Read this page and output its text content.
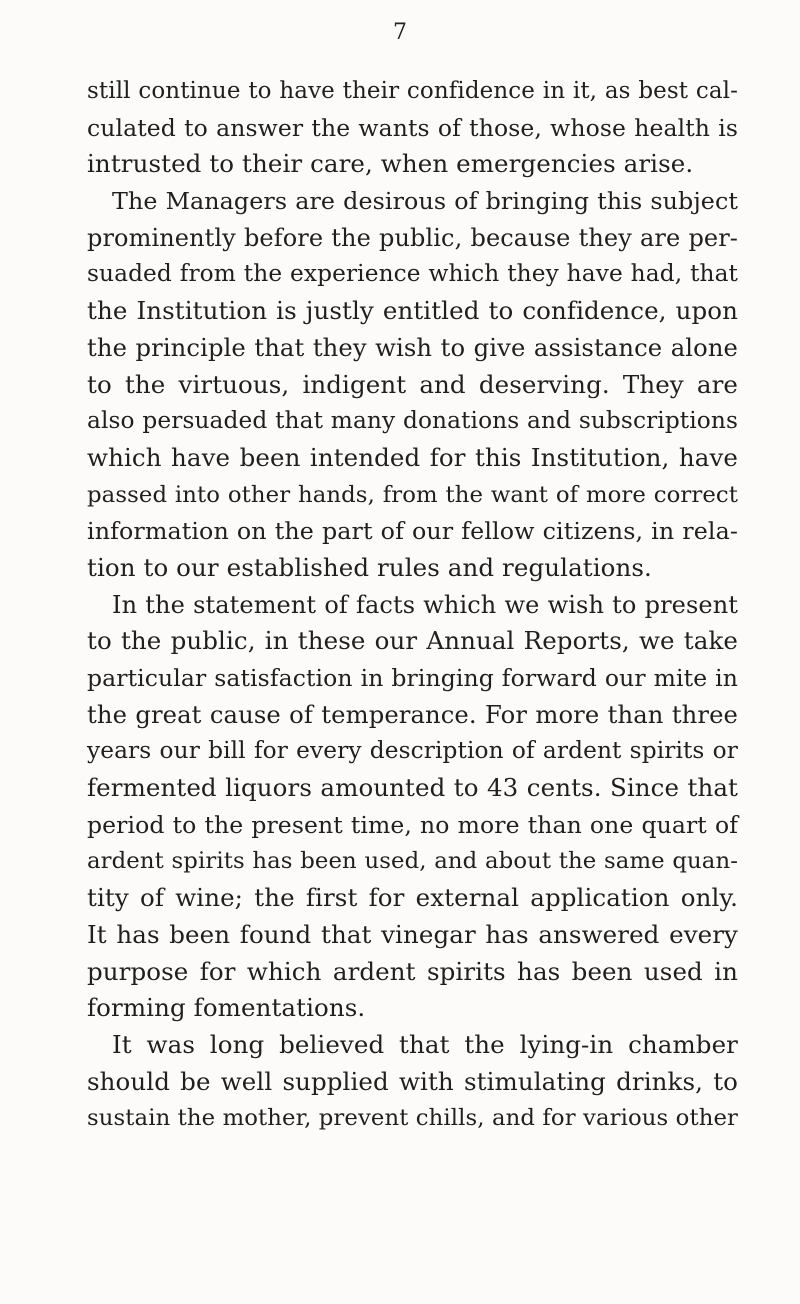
7
still continue to have their confidence in it, as best cal-
culated to answer the wants of those, whose health is
intrusted to their care, when emergencies arise.
The Managers are desirous of bringing this subject
prominently before the public, because they are per-
suaded from the experience which they have had, that
the Institution is justly entitled to confidence, upon
the principle that they wish to give assistance alone
to the virtuous, indigent and deserving. They are
also persuaded that many donations and subscriptions
which have been intended for this Institution, have
passed into other hands, from the want of more correct
information on the part of our fellow citizens, in rela-
tion to our established rules and regulations.
In the statement of facts which we wish to present
to the public, in these our Annual Reports, we take
particular satisfaction in bringing forward our mite in
the great cause of temperance. For more than three
years our bill for every description of ardent spirits or
fermented liquors amounted to 43 cents. Since that
period to the present time, no more than one quart of
ardent spirits has been used, and about the same quan-
tity of wine; the first for external application only.
It has been found that vinegar has answered every
purpose for which ardent spirits has been used in
forming fomentations.
It was long believed that the lying-in chamber
should be well supplied with stimulating drinks, to
sustain the mother, prevent chills, and for various other
